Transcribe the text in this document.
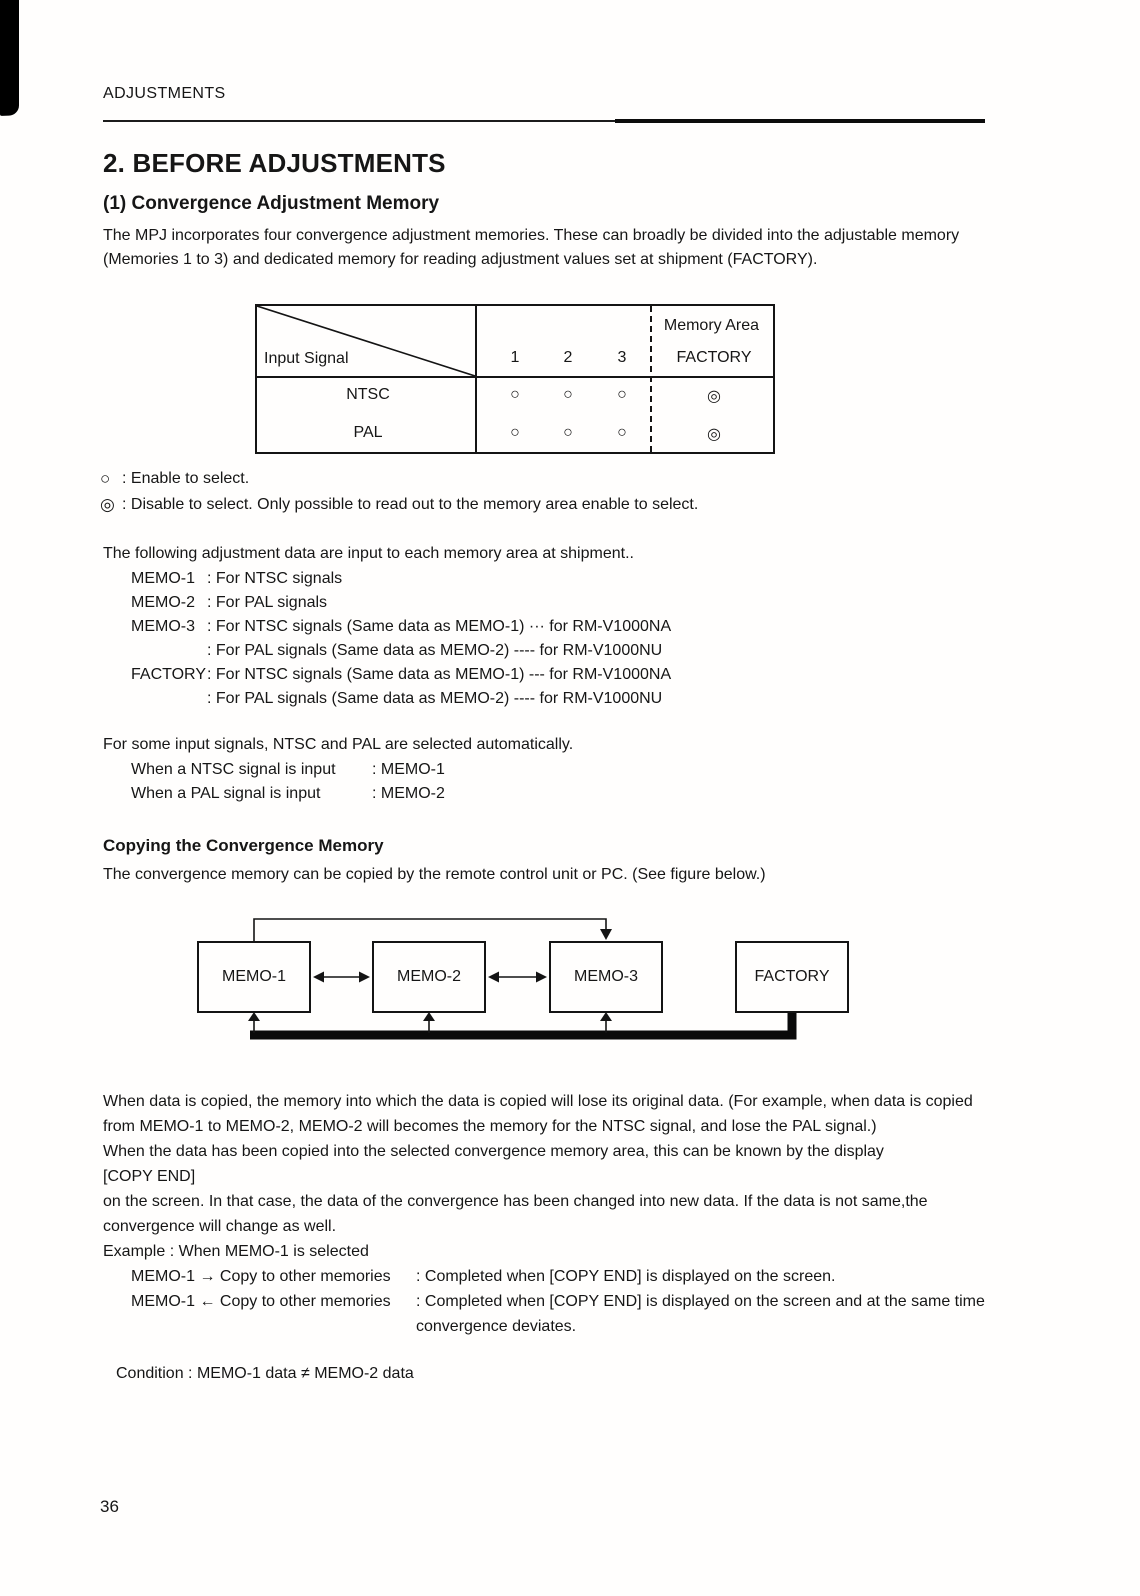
ADJUSTMENTS
2. BEFORE ADJUSTMENTS
(1) Convergence Adjustment Memory

The MPJ incorporates four convergence adjustment memories. These can broadly be divided into the adjustable memory (Memories 1 to 3) and dedicated memory for reading adjustment values set at shipment (FACTORY).

Memory Area
Input Signal	1	2	3	FACTORY
NTSC	○	○	○	◎
PAL	○	○	○	◎
○ : Enable to select.
◎ : Disable to select. Only possible to read out to the memory area enable to select.

The following adjustment data are input to each memory area at shipment..

MEMO-1 : For NTSC signals
MEMO-2 : For PAL signals
MEMO-3 : For NTSC signals (Same data as MEMO-1) ··· for RM-V1000NA
: For PAL signals (Same data as MEMO-2) ---- for RM-V1000NU
FACTORY : For NTSC signals (Same data as MEMO-1) --- for RM-V1000NA
: For PAL signals (Same data as MEMO-2) ---- for RM-V1000NU

For some input signals, NTSC and PAL are selected automatically.

When a NTSC signal is input	: MEMO-1
When a PAL signal is input	: MEMO-2
Copying the Convergence Memory

The convergence memory can be copied by the remote control unit or PC. (See figure below.)

MEMO-1	MEMO-2	MEMO-3	FACTORY

When data is copied, the memory into which the data is copied will lose its original data. (For example, when data is copied from MEMO-1 to MEMO-2, MEMO-2 will becomes the memory for the NTSC signal, and lose the PAL signal.)

When the data has been copied into the selected convergence memory area, this can be known by the display

[COPY END]

on the screen. In that case, the data of the convergence has been changed into new data. If the data is not same,the convergence will change as well.

Example : When MEMO-1 is selected

MEMO-1 → Copy to other memories	: Completed when [COPY END] is displayed on the screen.
MEMO-1 ← Copy to other memories	: Completed when [COPY END] is displayed on the screen and at the same time convergence deviates.
Condition : MEMO-1 data ≠ MEMO-2 data
36
